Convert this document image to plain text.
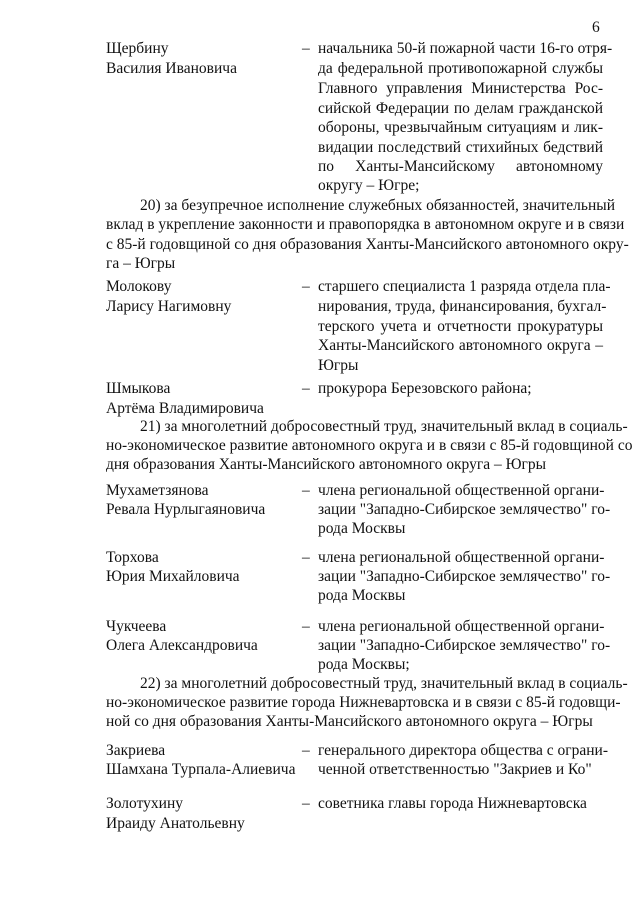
6
Щербину
Василия Ивановича
– начальника 50-й пожарной части 16-го отря-
да федеральной противопожарной службы
Главного управления Министерства Рос-
сийской Федерации по делам гражданской
обороны, чрезвычайным ситуациям и лик-
видации последствий стихийных бедствий
по Ханты-Мансийскому автономному
округу – Югре;
20) за безупречное исполнение служебных обязанностей, значительный
вклад в укрепление законности и правопорядка в автономном округе и в связи
с 85-й годовщиной со дня образования Ханты-Мансийского автономного окру-
га – Югры
Молокову
Ларису Нагимовну
– старшего специалиста 1 разряда отдела пла-
нирования, труда, финансирования, бухгал-
терского учета и отчетности прокуратуры
Ханты-Мансийского автономного округа –
Югры
Шмыкова
Артёма Владимировича
– прокурора Березовского района;
21) за многолетний добросовестный труд, значительный вклад в социаль-
но-экономическое развитие автономного округа и в связи с 85-й годовщиной со
дня образования Ханты-Мансийского автономного округа – Югры
Мухаметзянова
Ревала Нурлыгаяновича
– члена региональной общественной органи-
зации "Западно-Сибирское землячество" го-
рода Москвы
Торхова
Юрия Михайловича
– члена региональной общественной органи-
зации "Западно-Сибирское землячество" го-
рода Москвы
Чукчеева
Олега Александровича
– члена региональной общественной органи-
зации "Западно-Сибирское землячество" го-
рода Москвы;
22) за многолетний добросовестный труд, значительный вклад в социаль-
но-экономическое развитие города Нижневартовска и в связи с 85-й годовщи-
ной со дня образования Ханты-Мансийского автономного округа – Югры
Закриева
Шамхана Турпала-Алиевича
– генерального директора общества с ограни-
ченной ответственностью "Закриев и Ко"
Золотухину
Ираиду Анатольевну
– советника главы города Нижневартовска
